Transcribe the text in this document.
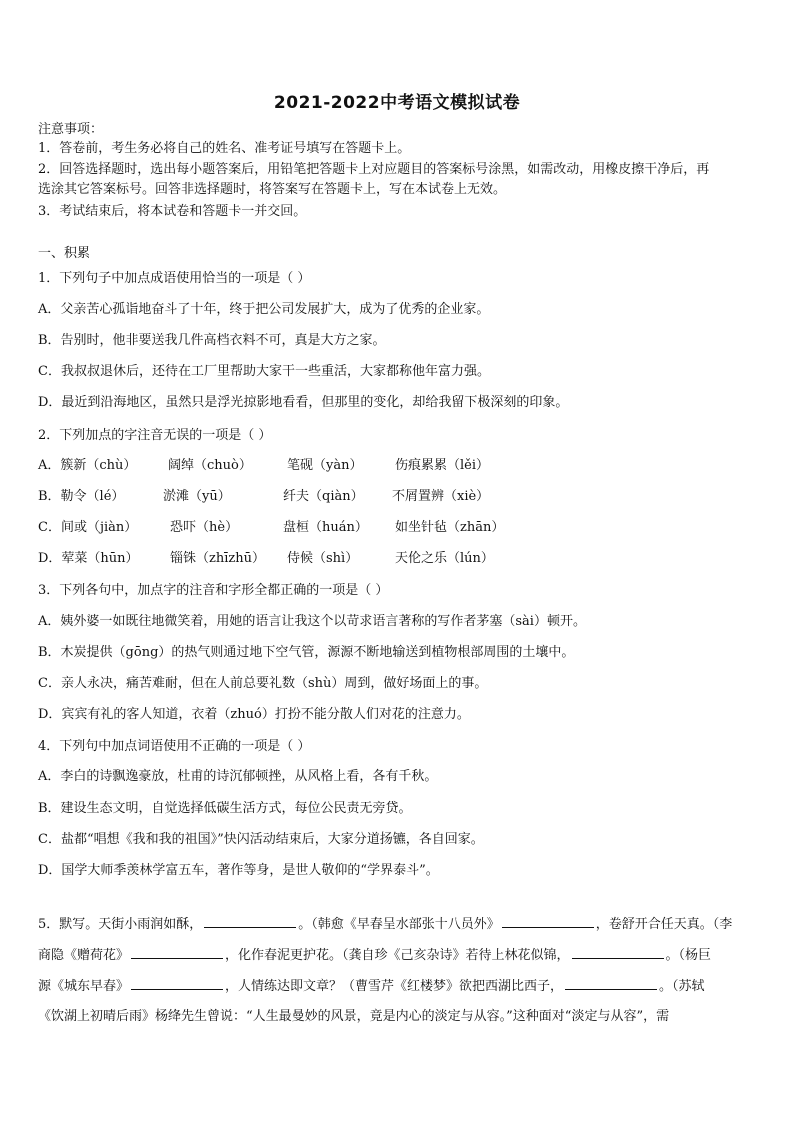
2021-2022中考语文模拟试卷
注意事项：
1．答卷前，考生务必将自己的姓名、准考证号填写在答题卡上。
2．回答选择题时，选出每小题答案后，用铅笔把答题卡上对应题目的答案标号涂黑，如需改动，用橡皮擦干净后，再
选涂其它答案标号。回答非选择题时，将答案写在答题卡上，写在本试卷上无效。
3．考试结束后，将本试卷和答题卡一并交回。
一、积累
1．下列句子中加点成语使用恰当的一项是（ ）
A．父亲苦心孤诣地奋斗了十年，终于把公司发展扩大，成为了优秀的企业家。
B．告别时，他非要送我几件高档衣料不可，真是大方之家。
C．我叔叔退休后，还待在工厂里帮助大家干一些重活，大家都称他年富力强。
D．最近到沿海地区，虽然只是浮光掠影地看看，但那里的变化，却给我留下极深刻的印象。
2．下列加点的字注音无误的一项是（ ）
A．簇新（chù） 阔绰（chuò）	笔砚（yàn）	伤痕累累（lěi）
B．勒令（lé）	淤滩（yū）	纤夫（qiàn） 不屑置辨（xiè）
C．间或（jiàn）	恐吓（hè）	盘桓（huán） 如坐针毡（zhān）
D．荤菜（hūn） 锱铢（zhīzhū） 侍候（shì）	天伦之乐（lún）
3．下列各句中，加点字的注音和字形全都正确的一项是（ ）
A．姨外婆一如既往地微笑着，用她的语言让我这个以苛求语言著称的写作者茅塞（sài）顿开。
B．木炭提供（gōng）的热气则通过地下空气管，源源不断地输送到植物根部周围的土壤中。
C．亲人永决，痛苦难耐，但在人前总要礼数（shù）周到，做好场面上的事。
D．宾宾有礼的客人知道，衣着（zhuó）打扮不能分散人们对花的注意力。
4．下列句中加点词语使用不正确的一项是（ ）
A．李白的诗飘逸豪放，杜甫的诗沉郁顿挫，从风格上看，各有千秋。
B．建设生态文明，自觉选择低碳生活方式，每位公民责无旁贷。
C．盐都“唱想《我和我的祖国》”快闪活动结束后，大家分道扬镳，各自回家。
D．国学大师季羡林学富五车，著作等身，是世人敬仰的“学界泰斗”。
5．默写。天街小雨润如酥，	。（韩愈《早春呈水部张十八员外》	，卷舒开合任天真。（李
商隐《赠荷花》	，化作春泥更护花。（龚自珍《己亥杂诗》若待上林花似锦，	。（杨巨
源《城东早春》	，人情练达即文章？（曹雪芹《红楼梦》欲把西湖比西子，	。（苏轼
《饮湖上初晴后雨》杨绛先生曾说：“人生最曼妙的风景，竟是内心的淡定与从容。”这种面对“淡定与从容”，需
